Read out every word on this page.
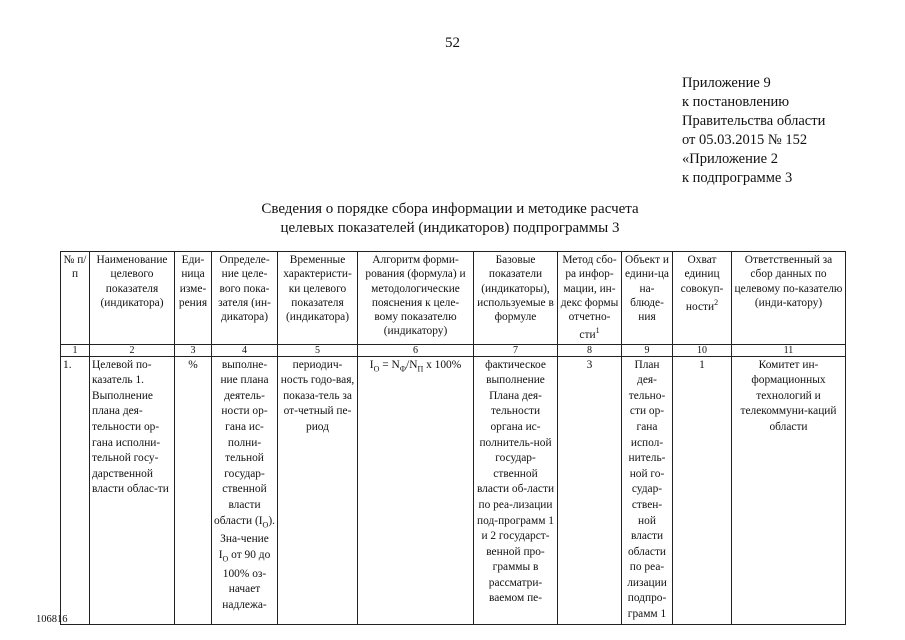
52
Приложение 9
к постановлению
Правительства области
от 05.03.2015 № 152
«Приложение 2
к подпрограмме 3
Сведения о порядке сбора информации и методике расчета
целевых показателей (индикаторов) подпрограммы 3
№ п/п	Наименование целевого показателя (индикатора)	Еди-ница изме-рения	Определе-ние целе-вого пока-зателя (ин-дикатора)	Временные характеристи-ки целевого показателя (индикатора)	Алгоритм форми-рования (формула) и методологические пояснения к целе-вому показателю (индикатору)	Базовые показатели (индикаторы), используемые в формуле	Метод сбо-ра инфор-мации, ин-декс формы отчетно-сти$^1$	Объект и едини-ца на-блюде-ния	Охват единиц совокуп-ности$^2$	Ответственный за сбор данных по целевому по-казателю (инди-катору)
1	2	3	4	5	6	7	8	9	10	11
1.	Целевой по-казатель 1. Выполнение плана дея-тельности ор-гана исполни-тельной госу-дарственной власти облас-ти	%	выполне-ние плана деятель-ности ор-гана ис-полни-тельной государ-ственной власти области $(I_O)$. Зна-чение $I_O$ от 90 до 100% оз-начает надлежа-	периодич-ность годо-вая, показа-тель за от-четный пе-риод	$I_O = N_Ф/N_П$ x 100%	фактическое выполнение Плана дея-тельности органа ис-полнитель-ной государ-ственной власти об-ласти по реа-лизации под-программ 1 и 2 государст-венной про-граммы в рассматри-ваемом пе-	3	План дея-тельно-сти ор-гана испол-нитель-ной го-судар-ствен-ной власти области по реа-лизации подпро-грамм 1	1	Комитет ин-формационных технологий и телекоммуни-каций области
106816
